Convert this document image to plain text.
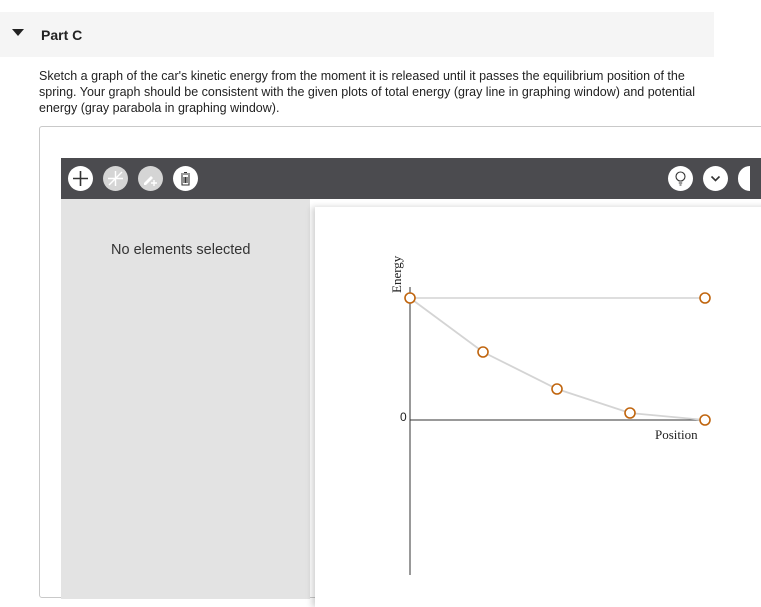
Part C

Sketch a graph of the car's kinetic energy from the moment it is released until it passes the equilibrium position of the spring. Your graph should be consistent with the given plots of total energy (gray line in graphing window) and potential energy (gray parabola in graphing window).

No elements selected
Energy
Position
0
